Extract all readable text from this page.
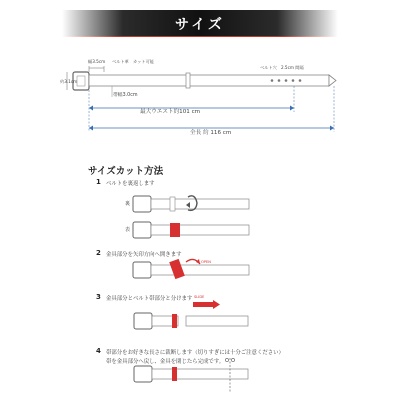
サイズ
幅3.5cm ベルト革　カット可能
ベルト穴　2.5cm 間隔
約3.1cm
帯幅3.0cm
最大ウエスト約101 cm
全長 約 116 cm
裏
表
OPEN
SLIDE
サイズカット方法
1 ベルトを裏返します
2 金具部分を矢印方向へ開きます
3 金具部分とベルト帯部分と分けます
4 帯部分をお好きな長さに裁断します（切りすぎには十分ご注意ください）
帯を金具部分へ戻し、金具を閉じたら完成です。
